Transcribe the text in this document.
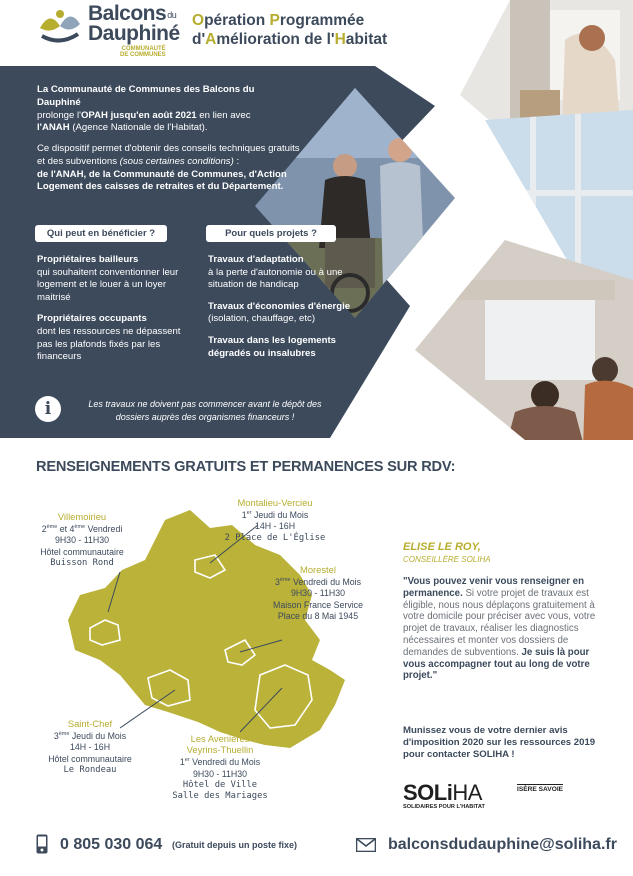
Balconsdu
Dauphiné
COMMUNAUTÉ
DE COMMUNES
Opération Programmée
d'Amélioration de l'Habitat
La Communauté de Communes des Balcons du Dauphiné
prolonge l'OPAH jusqu'en août 2021 en lien avec
l'ANAH (Agence Nationale de l'Habitat).
Ce dispositif permet d'obtenir des conseils techniques gratuits et des subventions (sous certaines conditions) :
de l'ANAH, de la Communauté de Communes, d'Action Logement des caisses de retraites et du Département.
Qui peut en bénéficier ?	Pour quels projets ?
Propriétaires bailleurs
qui souhaitent conventionner leur logement et le louer à un loyer maitrisé
Propriétaires occupants
dont les ressources ne dépassent pas les plafonds fixés par les financeurs
Travaux d'adaptation
à la perte d'autonomie ou à une situation de handicap
Travaux d'économies d'énergie
(isolation, chauffage, etc)
Travaux dans les logements dégradés ou insalubres
i	Les travaux ne doivent pas commencer avant le dépôt des dossiers auprès des organismes financeurs !
RENSEIGNEMENTS GRATUITS ET PERMANENCES SUR RDV:
Villemoirieu
2ème et 4ème Vendredi
9H30 - 11H30
Hôtel communautaire
Buisson Rond
Montalieu-Vercieu
1er Jeudi du Mois
14H - 16H
2 Place de L'Église
Morestel
3ème Vendredi du Mois
9H30 - 11H30
Maison France Service
Place du 8 Mai 1945
Saint-Chef
3ème Jeudi du Mois
14H - 16H
Hôtel communautaire
Le Rondeau
Les Avenières
Veyrins-Thuellin
1er Vendredi du Mois
9H30 - 11H30
Hôtel de Ville
Salle des Mariages
ELISE LE ROY,
CONSEILLÈRE SOLIHA
"Vous pouvez venir vous renseigner en permanence. Si votre projet de travaux est éligible, nous nous déplaçons gratuitement à votre domicile pour préciser avec vous, votre projet de travaux, réaliser les diagnostics nécessaires et monter vos dossiers de demandes de subventions. Je suis là pour vous accompagner tout au long de votre projet."
Munissez vous de votre dernier avis d'imposition 2020 sur les ressources 2019 pour contacter SOLIHA !
SOLiHA
SOLIDAIRES POUR L'HABITAT
ISÈRE SAVOIE
0 805 030 064 (Gratuit depuis un poste fixe)	balconsdudauphine@soliha.fr
